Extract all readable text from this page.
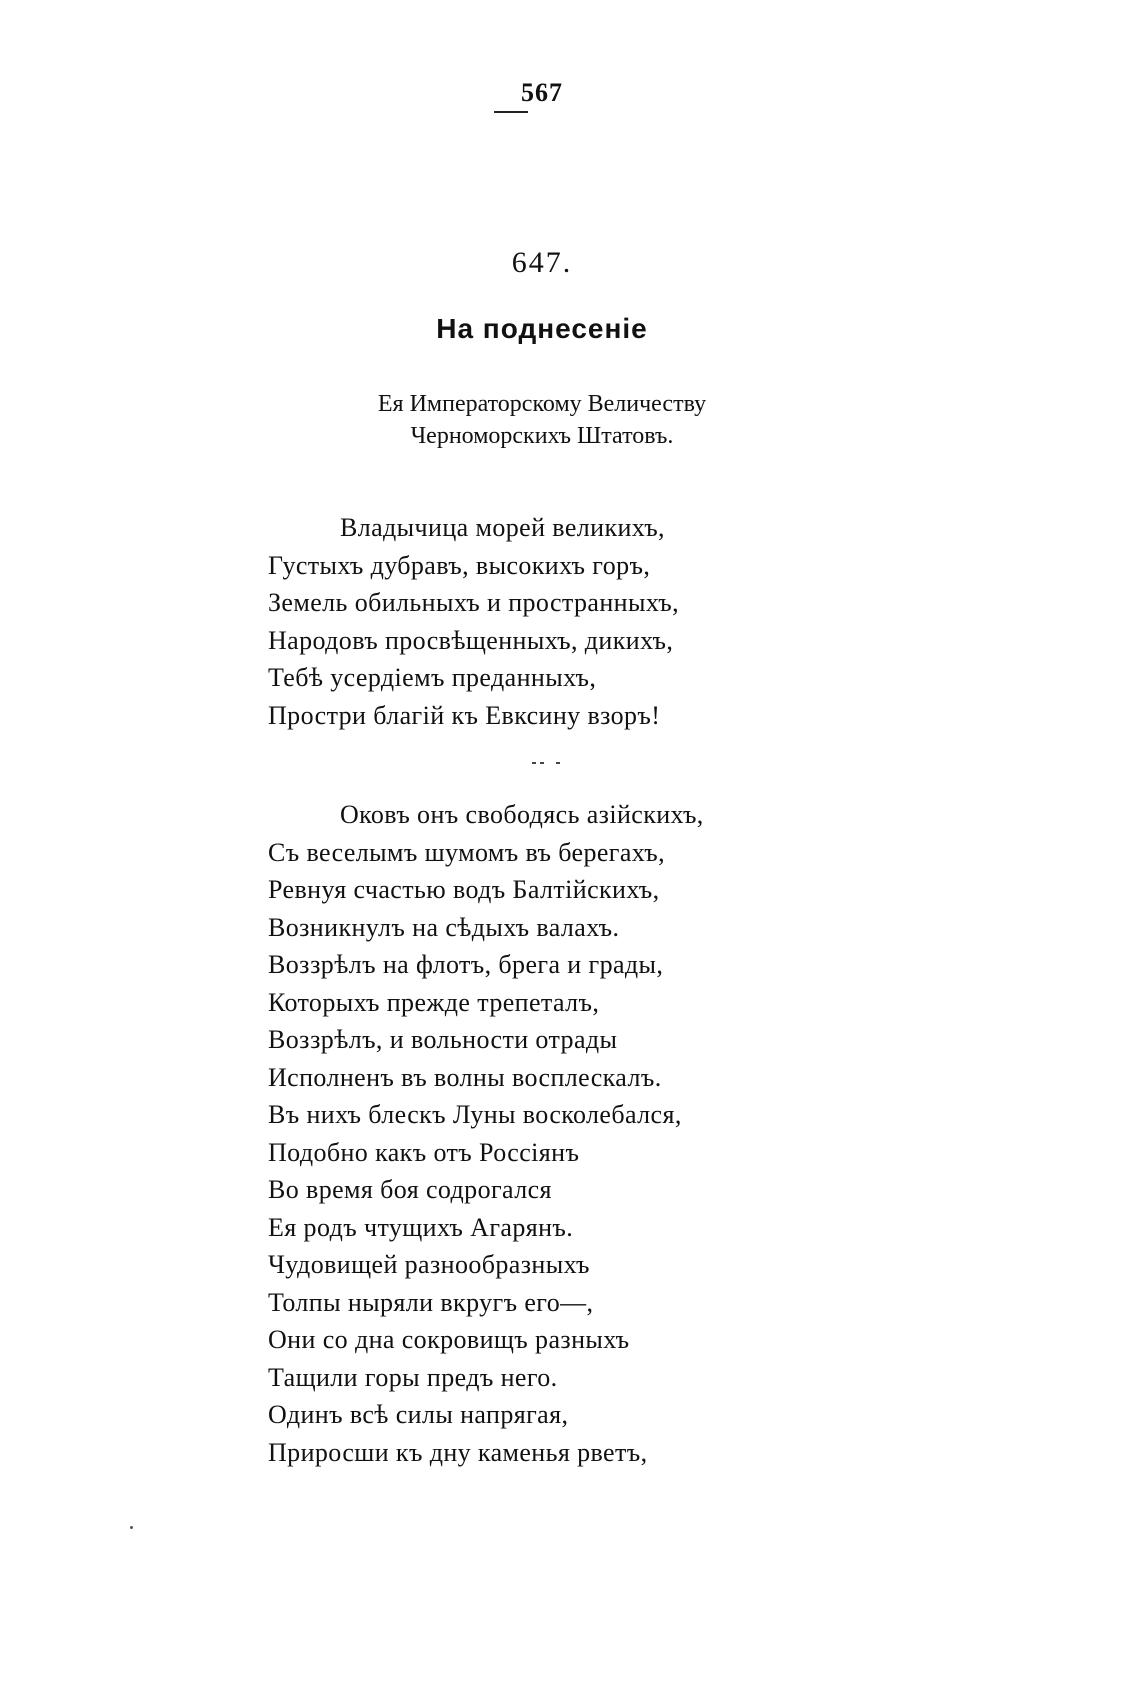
567
647.
На поднесеніе
Ея Императорскому Величеству
Черноморскихъ Штатовъ.
Владычица морей великихъ,
Густыхъ дубравъ, высокихъ горъ,
Земель обильныхъ и пространныхъ,
Народовъ просвѣщенныхъ, дикихъ,
Тебѣ усердіемъ преданныхъ,
Простри благій къ Евксину взоръ!
Оковъ онъ свободясь азійскихъ,
Съ веселымъ шумомъ въ берегахъ,
Ревнуя счастью водъ Балтійскихъ,
Возникнулъ на сѣдыхъ валахъ.
Воззрѣлъ на флотъ, брега и грады,
Которыхъ прежде трепеталъ,
Воззрѣлъ, и вольности отрады
Исполненъ въ волны восплескалъ.
Въ нихъ блескъ Луны восколебался,
Подобно какъ отъ Россіянъ
Во время боя содрогался
Ея родъ чтущихъ Агарянъ.
Чудовищей разнообразныхъ
Толпы ныряли вкругъ его—,
Они со дна сокровищъ разныхъ
Тащили горы предъ него.
Одинъ всѣ силы напрягая,
Приросши къ дну каменья рветъ,
